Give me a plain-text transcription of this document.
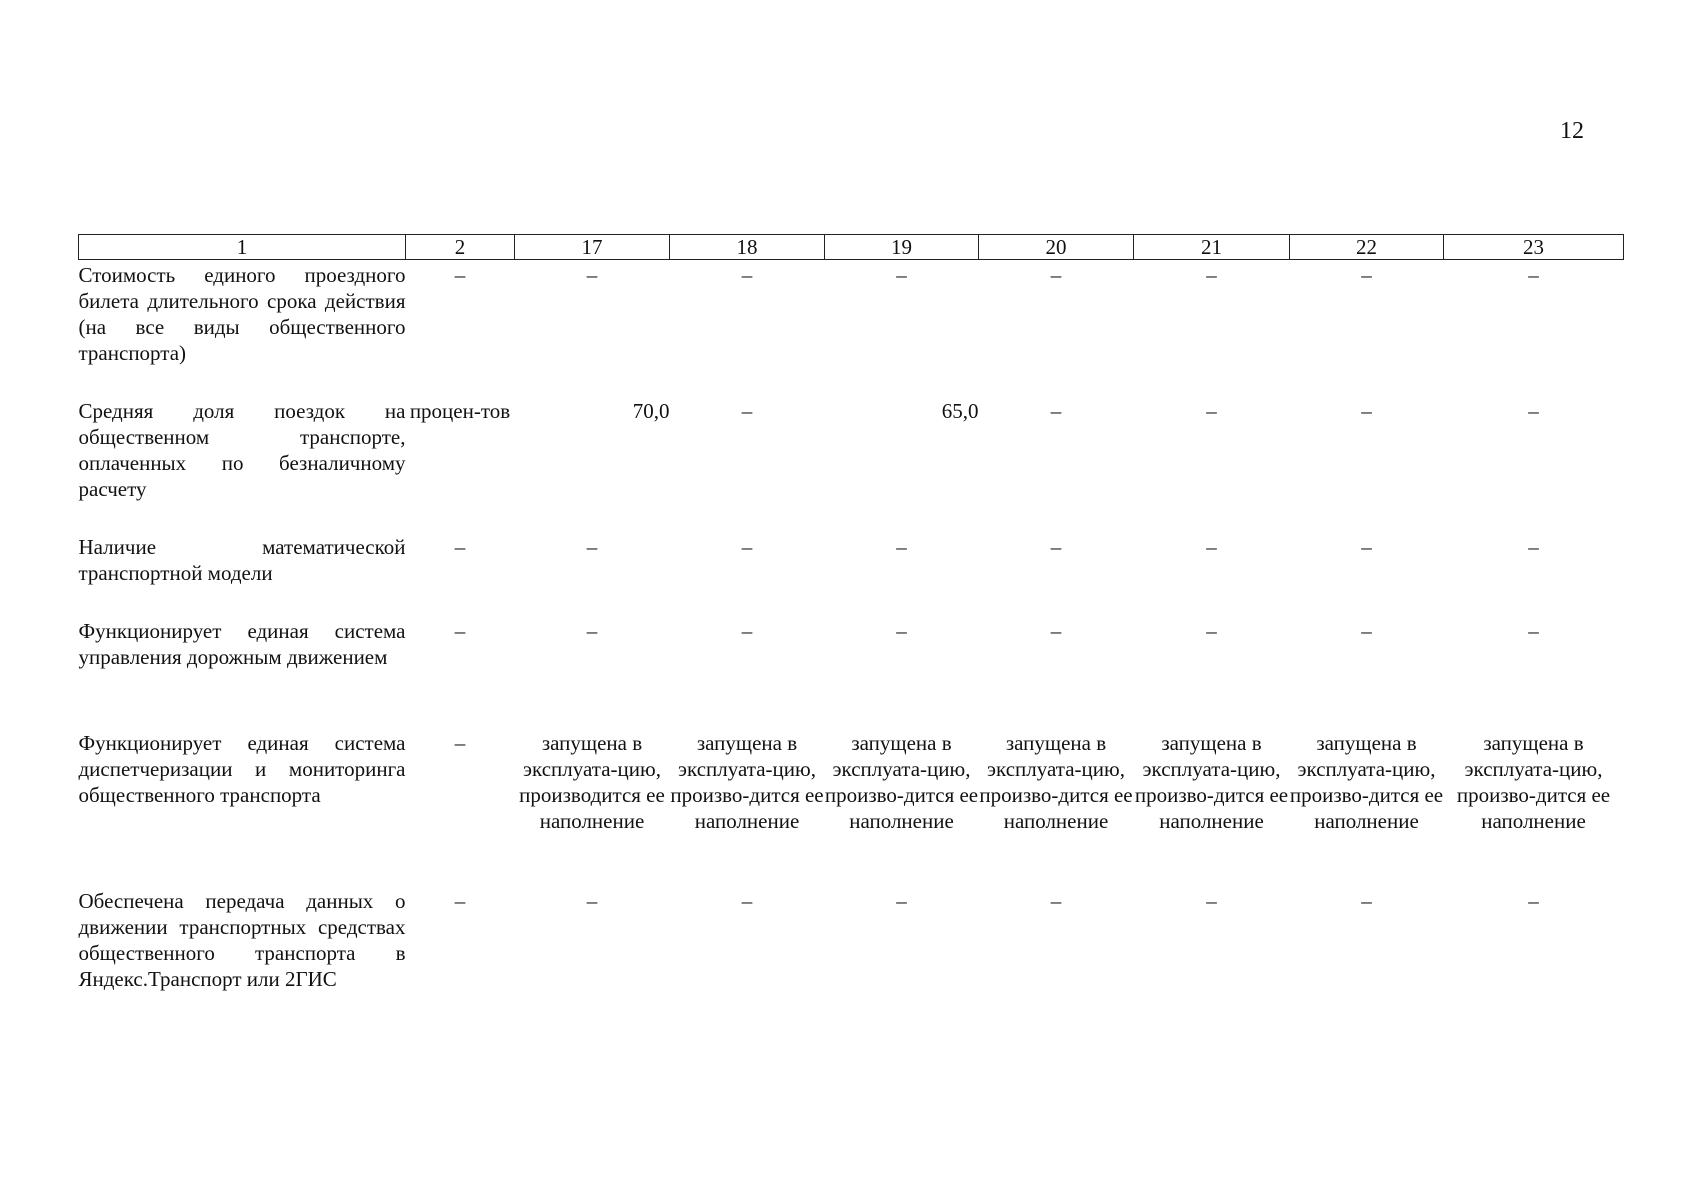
12
1	2	17	18	19	20	21	22	23
Стоимость единого проездного билета длительного срока действия (на все виды общественного транспорта)	–	–	–	–	–	–	–	–
Средняя доля поездок на общественном транспорте, оплаченных по безналичному расчету	процен-тов	70,0	–	65,0	–	–	–	–
Наличие математической транспортной модели	–	–	–	–	–	–	–	–
Функционирует единая система управления дорожным движением	–	–	–	–	–	–	–	–
Функционирует единая система диспетчеризации и мониторинга общественного транспорта	–	запущена в эксплуата-цию, производится ее наполнение	запущена в эксплуата-цию, произво-дится ее наполнение	запущена в эксплуата-цию, произво-дится ее наполнение	запущена в эксплуата-цию, произво-дится ее наполнение	запущена в эксплуата-цию, произво-дится ее наполнение	запущена в эксплуата-цию, произво-дится ее наполнение	запущена в эксплуата-цию, произво-дится ее наполнение
Обеспечена передача данных о движении транспортных средствах общественного транспорта в Яндекс.Транспорт или 2ГИС	–	–	–	–	–	–	–	–
